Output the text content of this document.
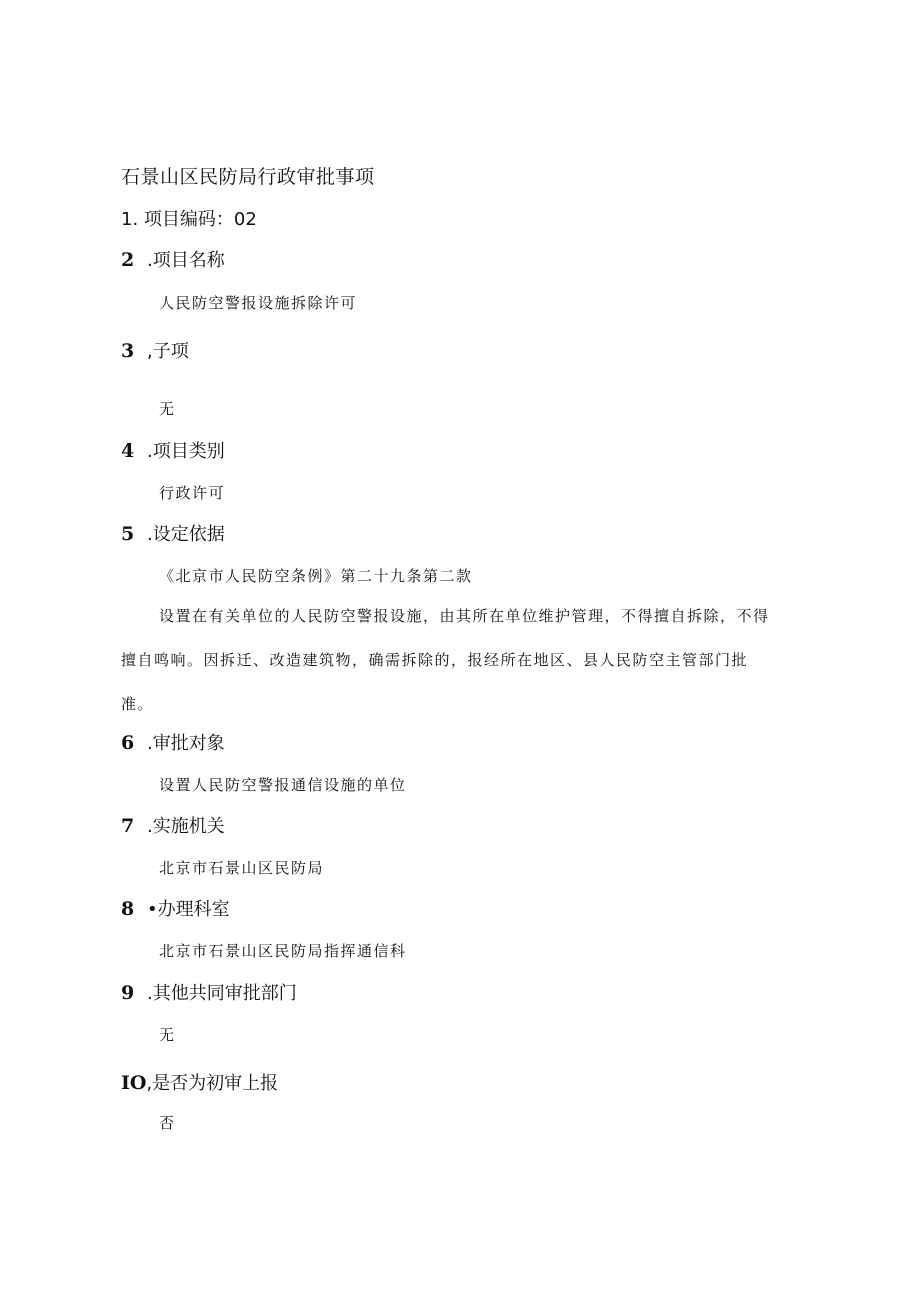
石景山区民防局行政审批事项
1. 项目编码：02
2 .项目名称
人民防空警报设施拆除许可
3 ,子项
无
4 .项目类别
行政许可
5 .设定依据
《北京市人民防空条例》第二十九条第二款
设置在有关单位的人民防空警报设施，由其所在单位维护管理，不得擅自拆除，不得擅自鸣响。因拆迁、改造建筑物，确需拆除的，报经所在地区、县人民防空主管部门批准。
6 .审批对象
设置人民防空警报通信设施的单位
7 .实施机关
北京市石景山区民防局
8 •办理科室
北京市石景山区民防局指挥通信科
9 .其他共同审批部门
无
IO,是否为初审上报
否
